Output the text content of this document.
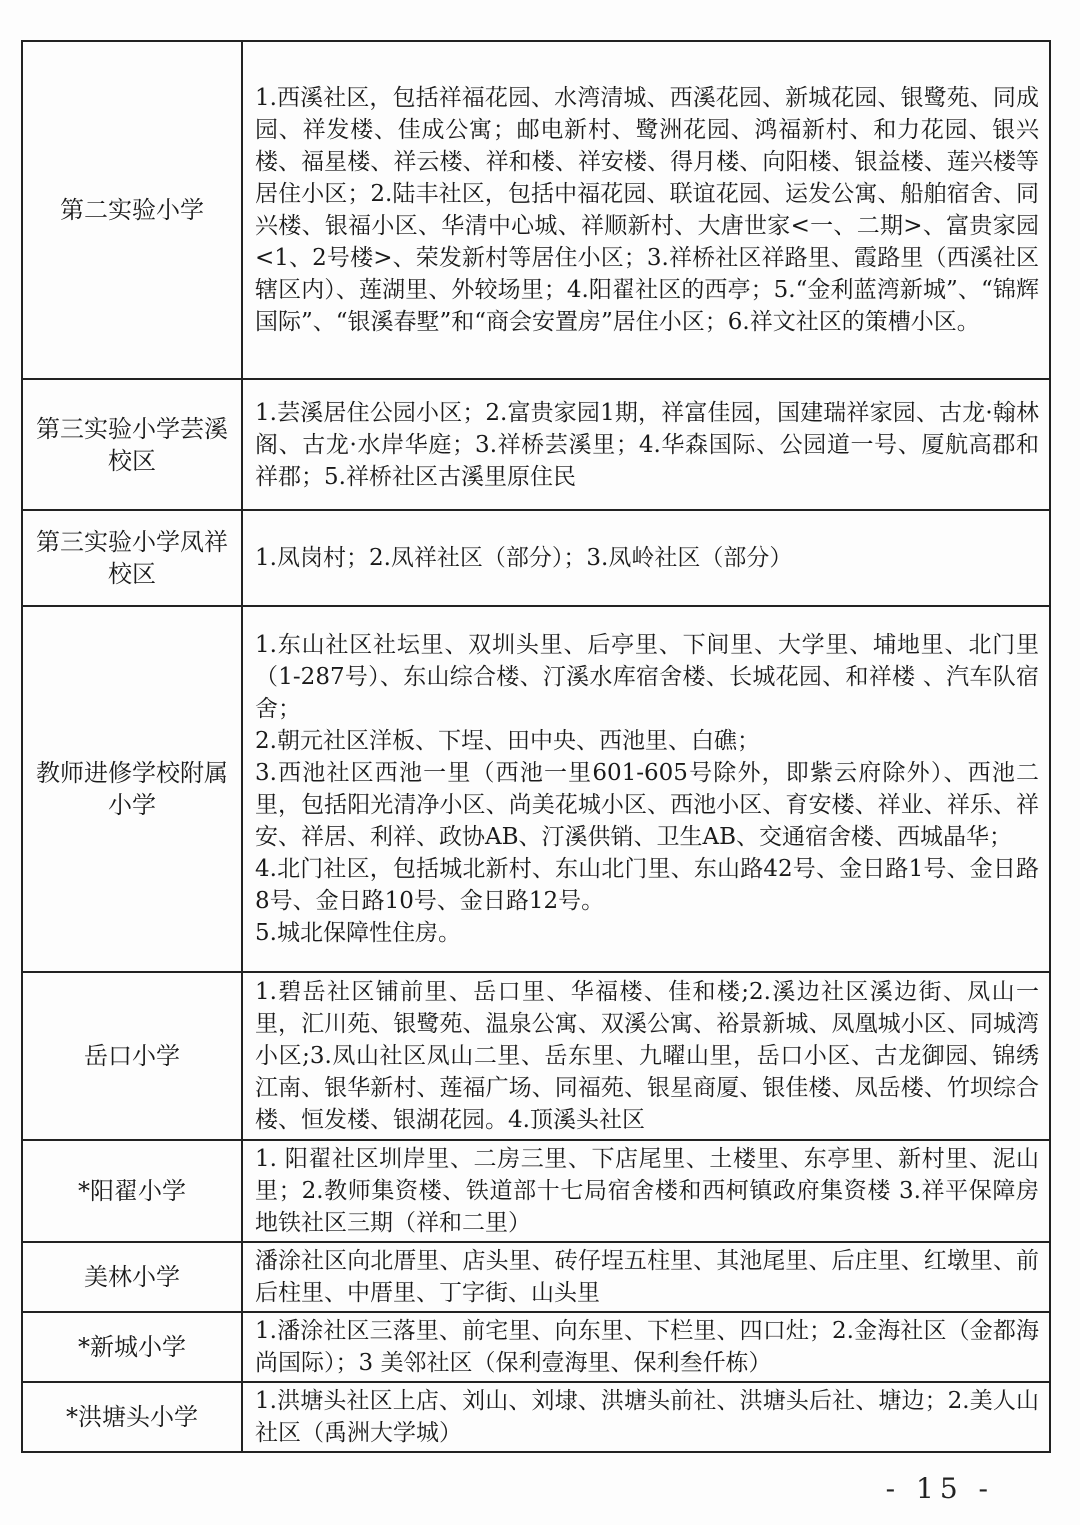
第二实验小学	1.西溪社区，包括祥福花园、水湾清城、西溪花园、新城花园、银鹭苑、同成园、祥发楼、佳成公寓；邮电新村、鹭洲花园、鸿福新村、和力花园、银兴楼、福星楼、祥云楼、祥和楼、祥安楼、得月楼、向阳楼、银益楼、莲兴楼等居住小区；2.陆丰社区，包括中福花园、联谊花园、运发公寓、船舶宿舍、同兴楼、银福小区、华清中心城、祥顺新村、大唐世家<一、二期>、富贵家园<1、2号楼>、荣发新村等居住小区；3.祥桥社区祥路里、霞路里（西溪社区辖区内）、莲湖里、外较场里；4.阳翟社区的西亭；5.“金利蓝湾新城”、“锦辉国际”、“银溪春墅”和“商会安置房”居住小区；6.祥文社区的策槽小区。

第三实验小学芸溪校区	1.芸溪居住公园小区；2.富贵家园1期，祥富佳园，国建瑞祥家园、古龙·翰林阁、古龙·水岸华庭；3.祥桥芸溪里；4.华森国际、公园道一号、厦航高郡和祥郡；5.祥桥社区古溪里原住民

第三实验小学凤祥校区	1.凤岗村；2.凤祥社区（部分）；3.凤岭社区（部分）

教师进修学校附属小学	1.东山社区社坛里、双圳头里、后亭里、下间里、大学里、埔地里、北门里（1-287号）、东山综合楼、汀溪水库宿舍楼、长城花园、和祥楼 、汽车队宿舍；
2.朝元社区洋板、下埕、田中央、西池里、白礁；
3.西池社区西池一里（西池一里601-605号除外，即紫云府除外）、西池二里，包括阳光清净小区、尚美花城小区、西池小区、育安楼、祥业、祥乐、祥安、祥居、利祥、政协AB、汀溪供销、卫生AB、交通宿舍楼、西城晶华；
4.北门社区，包括城北新村、东山北门里、东山路42号、金日路1号、金日路8号、金日路10号、金日路12号。
5.城北保障性住房。

岳口小学	1.碧岳社区铺前里、岳口里、华福楼、佳和楼;2.溪边社区溪边街、凤山一里，汇川苑、银鹭苑、温泉公寓、双溪公寓、裕景新城、凤凰城小区、同城湾小区;3.凤山社区凤山二里、岳东里、九曜山里，岳口小区、古龙御园、锦绣江南、银华新村、莲福广场、同福苑、银星商厦、银佳楼、凤岳楼、竹坝综合楼、恒发楼、银湖花园。4.顶溪头社区

*阳翟小学	1. 阳翟社区圳岸里、二房三里、下店尾里、土楼里、东亭里、新村里、泥山里；2.教师集资楼、铁道部十七局宿舍楼和西柯镇政府集资楼 3.祥平保障房地铁社区三期（祥和二里）

美林小学	潘涂社区向北厝里、店头里、砖仔埕五柱里、其池尾里、后庄里、红墩里、前后柱里、中厝里、丁字街、山头里

*新城小学	1.潘涂社区三落里、前宅里、向东里、下栏里、四口灶；2.金海社区（金都海尚国际）；3 美邻社区（保利壹海里、保利叁仟栋）

*洪塘头小学	1.洪塘头社区上店、刘山、刘埭、洪塘头前社、洪塘头后社、塘边；2.美人山社区（禹洲大学城）
- 15 -
